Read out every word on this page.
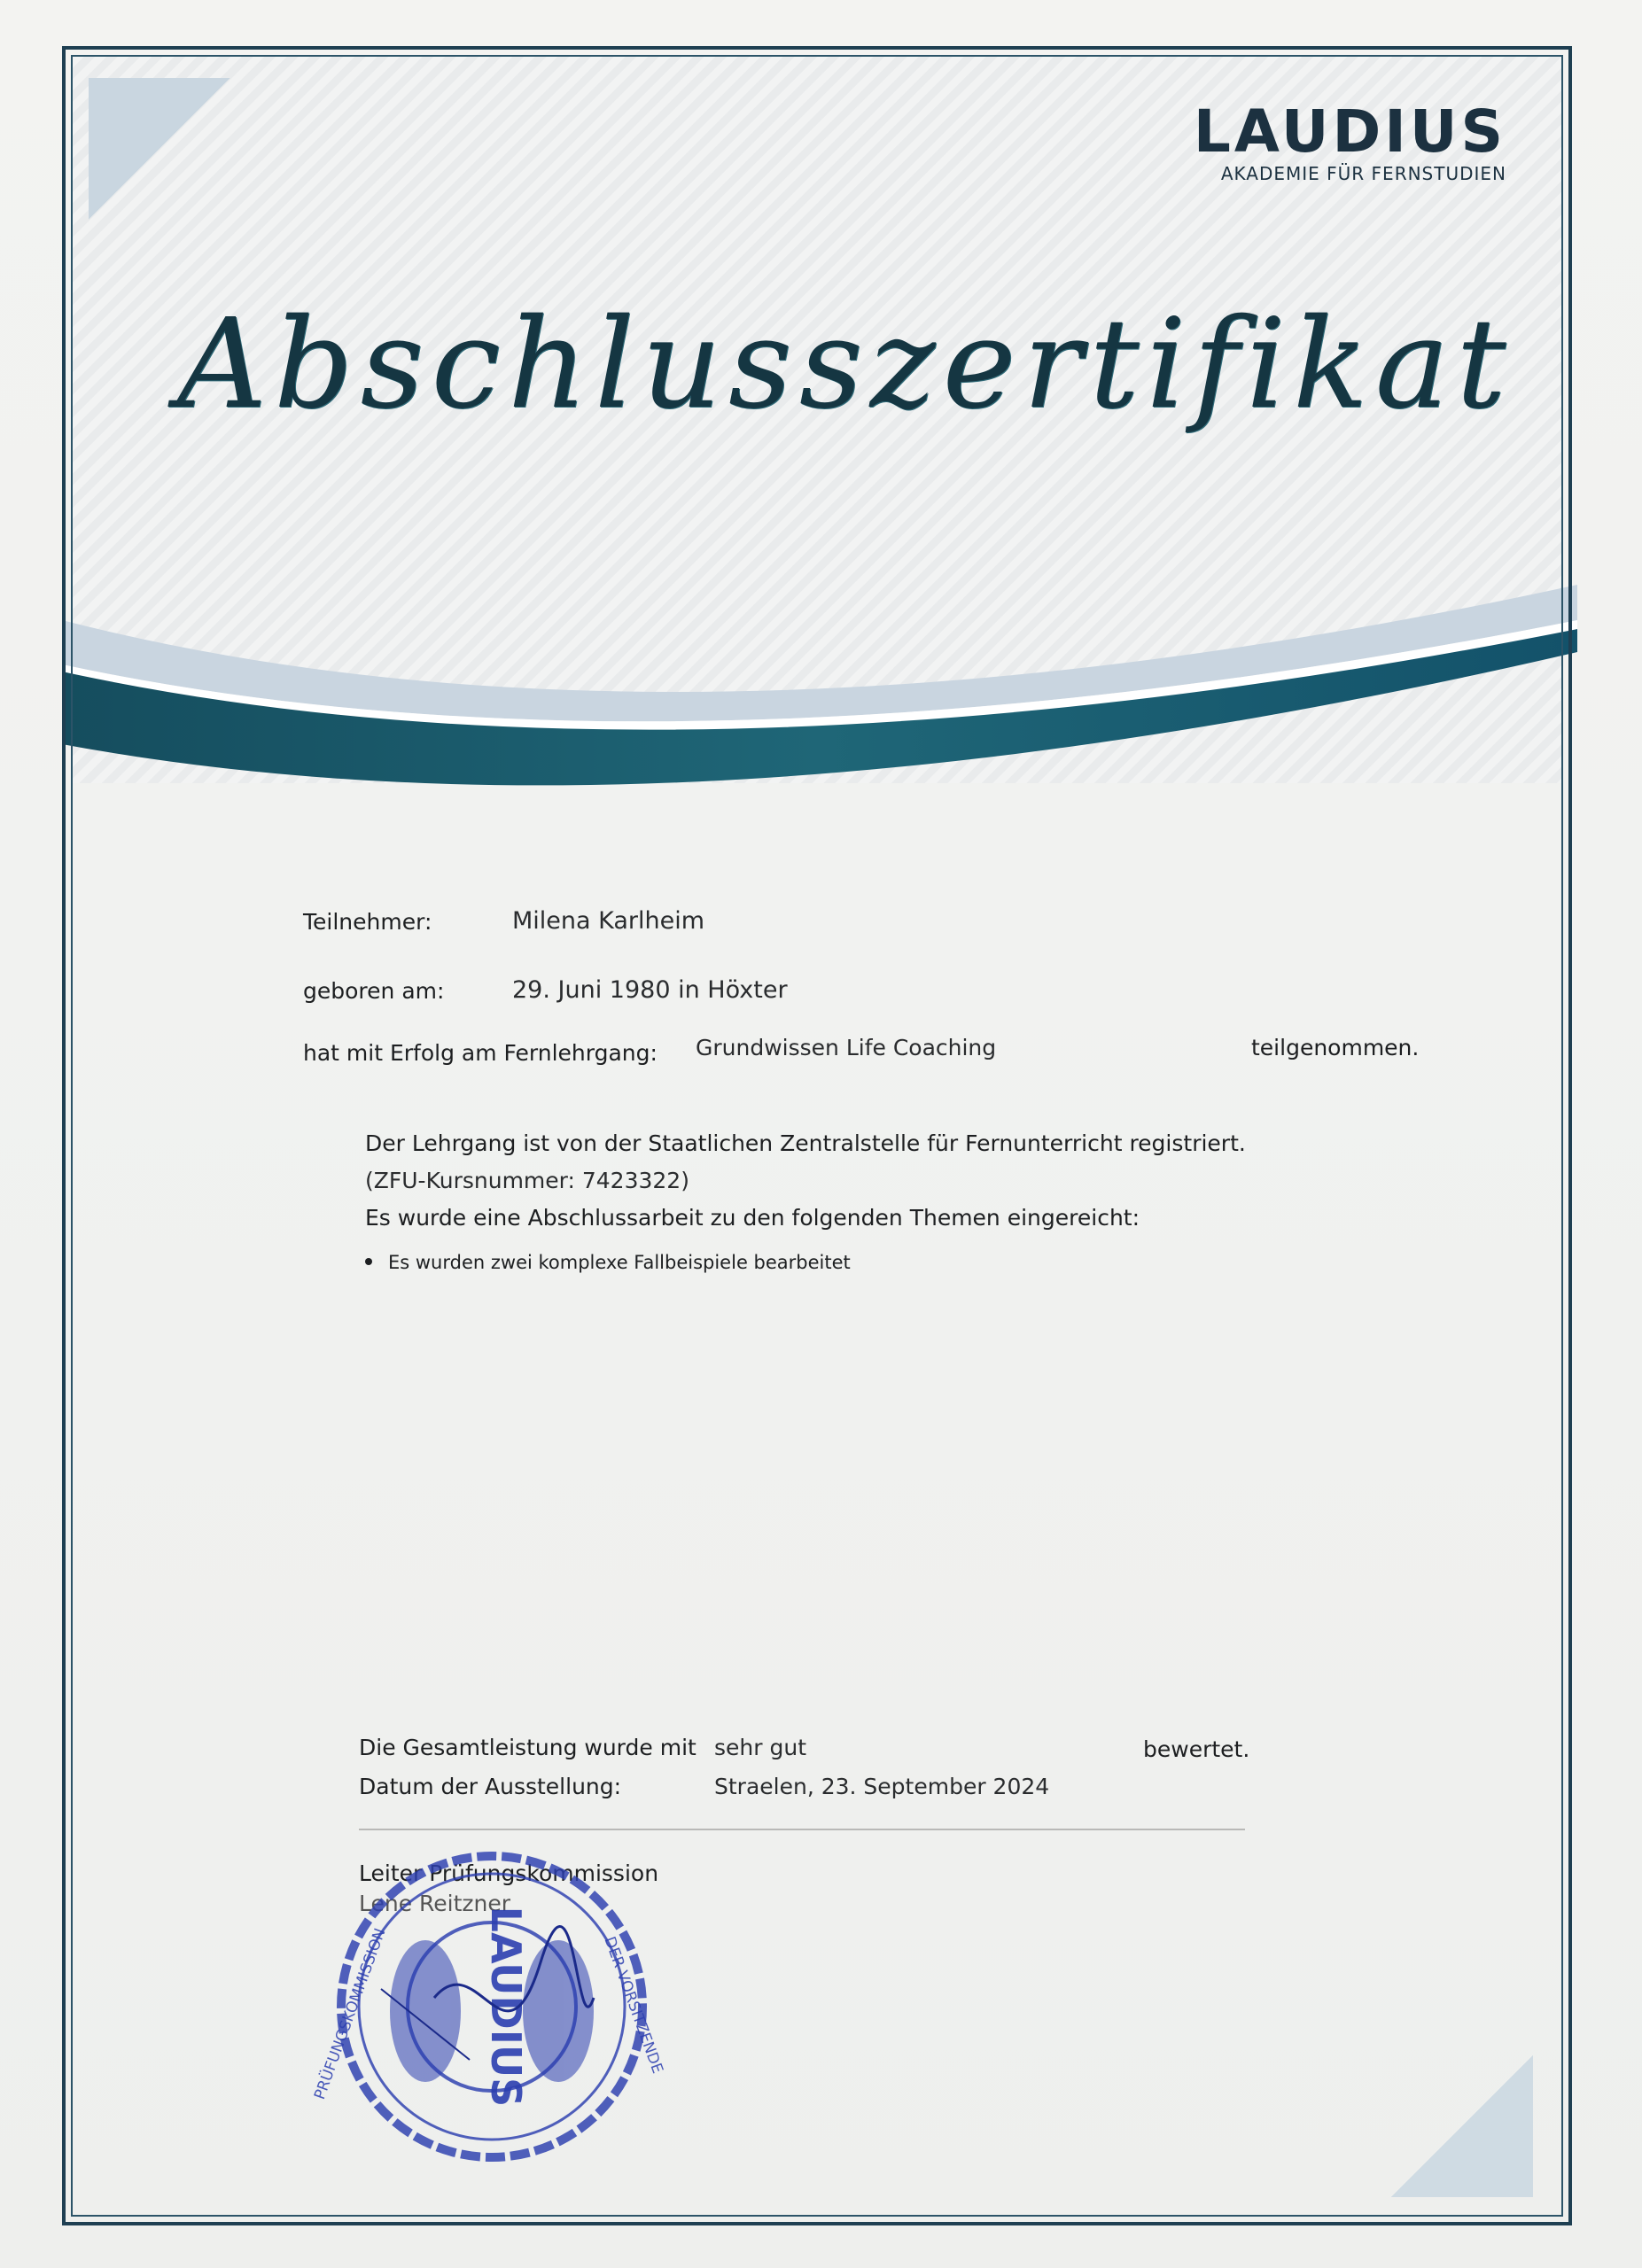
LAUDIUS
AKADEMIE FÜR FERNSTUDIEN
Abschlusszertifikat
Teilnehmer:	Milena Karlheim
geboren am:	29. Juni 1980 in Höxter
hat mit Erfolg am Fernlehrgang: Grundwissen Life Coaching	teilgenommen.
Der Lehrgang ist von der Staatlichen Zentralstelle für Fernunterricht registriert.
(ZFU-Kursnummer: 7423322)
Es wurde eine Abschlussarbeit zu den folgenden Themen eingereicht:
Es wurden zwei komplexe Fallbeispiele bearbeitet
Die Gesamtleistung wurde mit sehr gut	bewertet.
Datum der Ausstellung:	Straelen, 23. September 2024
Leiter Prüfungskommission
Lene Reitzner
LAUDIUS
PRÜFUNGSKOMMISSION	DER VORSITZENDE
